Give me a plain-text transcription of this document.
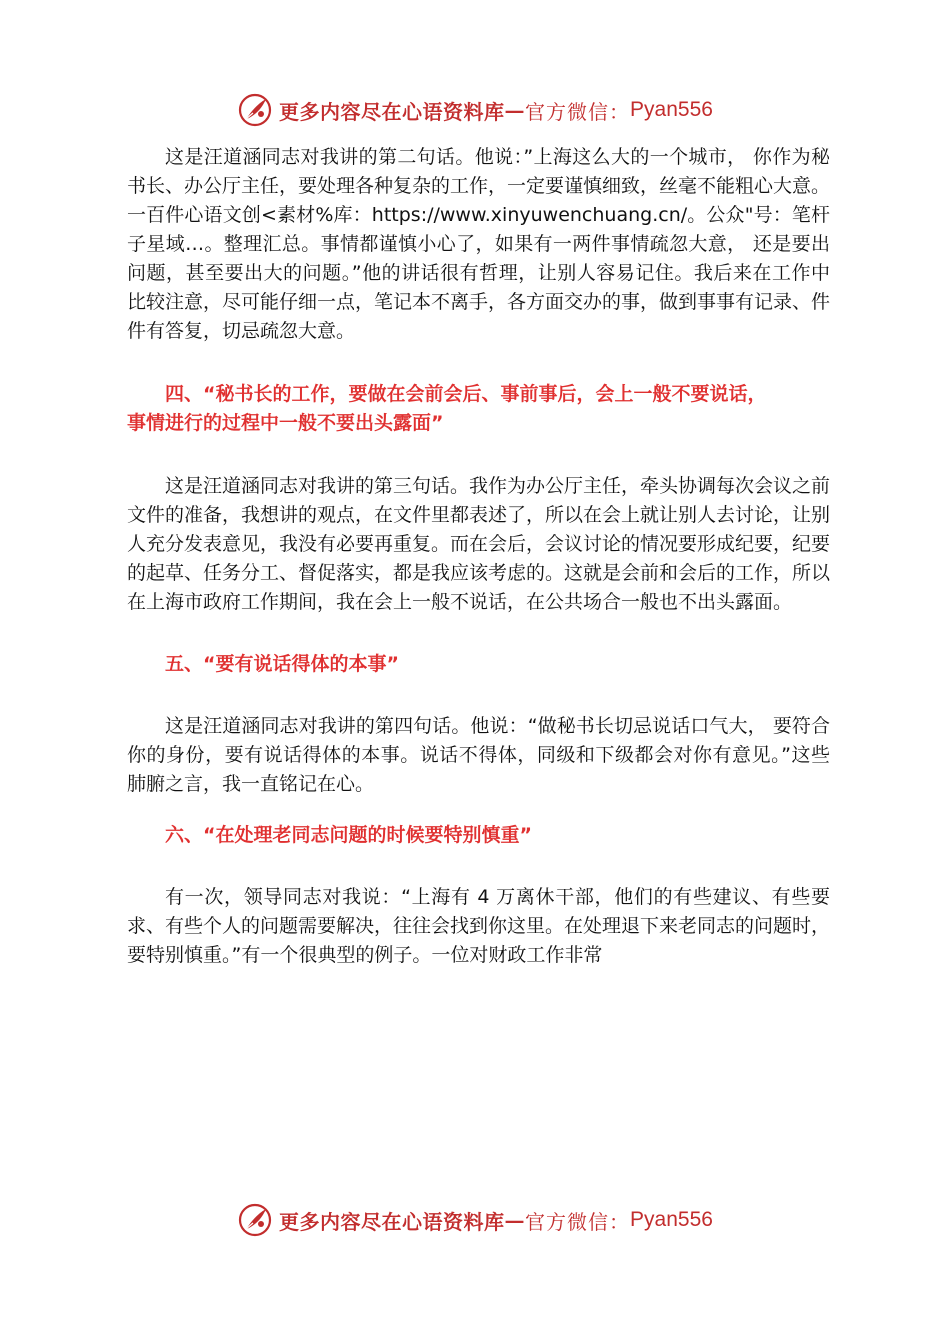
更多内容尽在心语资料库 — 官方微信： Pyan556

这是汪道涵同志对我讲的第二句话。他说：”上海这么大的一个城市， 你作为秘书长、办公厅主任，要处理各种复杂的工作，一定要谨慎细致，丝毫不能粗心大意。一百件心语文创<素材%库：https://www.xinyuwenchuang.cn/。公众"号：笔杆子星域…。整理汇总。事情都谨慎小心了，如果有一两件事情疏忽大意， 还是要出问题，甚至要出大的问题。”他的讲话很有哲理，让别人容易记住。我后来在工作中比较注意，尽可能仔细一点，笔记本不离手，各方面交办的事，做到事事有记录、件件有答复，切忌疏忽大意。

四、“秘书长的工作，要做在会前会后、事前事后，会上一般不要说话，
事情进行的过程中一般不要出头露面”

这是汪道涵同志对我讲的第三句话。我作为办公厅主任，牵头协调每次会议之前文件的准备，我想讲的观点，在文件里都表述了，所以在会上就让别人去讨论，让别人充分发表意见，我没有必要再重复。而在会后，会议讨论的情况要形成纪要，纪要的起草、任务分工、督促落实，都是我应该考虑的。这就是会前和会后的工作，所以在上海市政府工作期间，我在会上一般不说话，在公共场合一般也不出头露面。

五、“要有说话得体的本事”

这是汪道涵同志对我讲的第四句话。他说：“做秘书长切忌说话口气大， 要符合你的身份，要有说话得体的本事。说话不得体，同级和下级都会对你有意见。”这些肺腑之言，我一直铭记在心。

六、“在处理老同志问题的时候要特别慎重”

有一次，领导同志对我说：“上海有 4 万离休干部，他们的有些建议、有些要求、有些个人的问题需要解决，往往会找到你这里。在处理退下来老同志的问题时，要特别慎重。”有一个很典型的例子。一位对财政工作非常

更多内容尽在心语资料库 — 官方微信： Pyan556
